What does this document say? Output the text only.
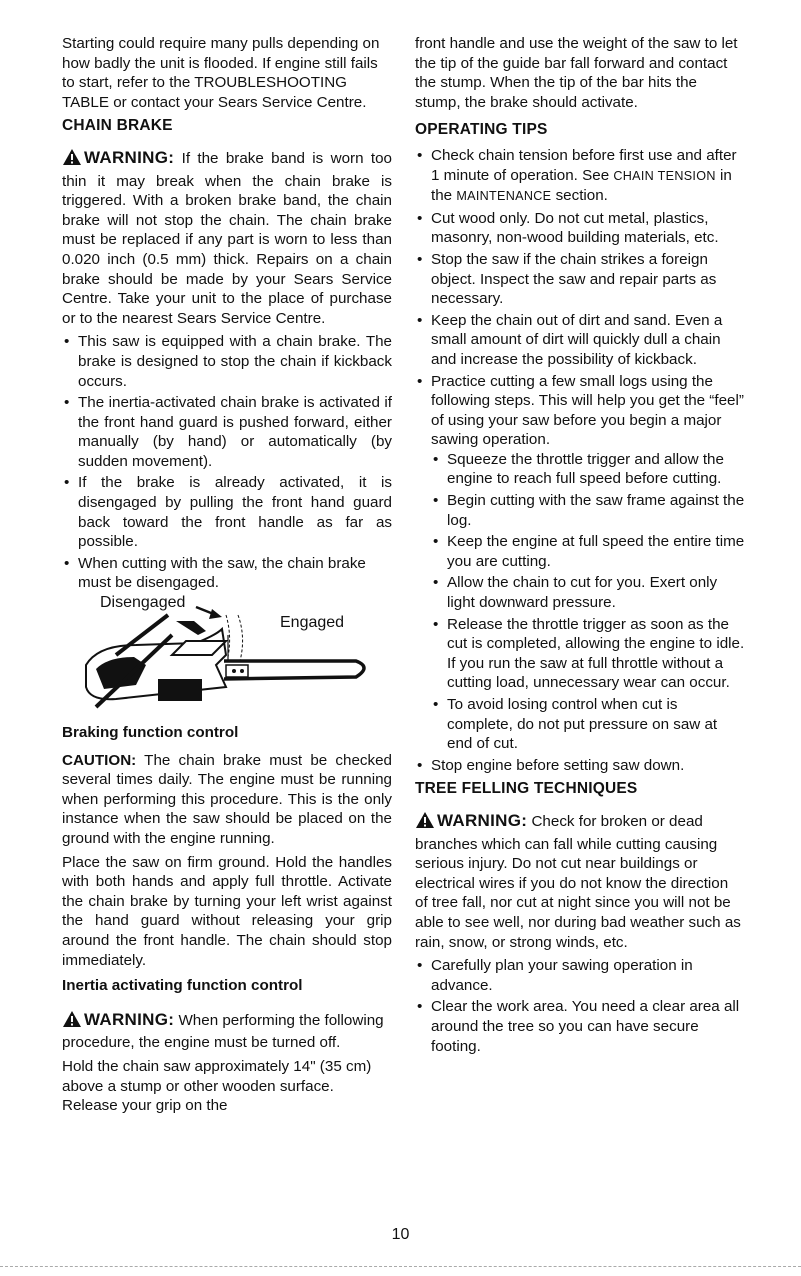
Starting could require many pulls depending on how badly the unit is flooded. If engine still fails to start, refer to the TROUBLESHOOTING TABLE or contact your Sears Service Centre.

CHAIN BRAKE

WARNING: If the brake band is worn too thin it may break when the chain brake is triggered. With a broken brake band, the chain brake will not stop the chain. The chain brake must be replaced if any part is worn to less than 0.020 inch (0.5 mm) thick. Repairs on a chain brake should be made by your Sears Service Centre. Take your unit to the place of purchase or to the nearest Sears Service Centre.

• This saw is equipped with a chain brake. The brake is designed to stop the chain if kickback occurs.
• The inertia-activated chain brake is activated if the front hand guard is pushed forward, either manually (by hand) or automatically (by sudden movement).
• If the brake is already activated, it is disengaged by pulling the front hand guard back toward the front handle as far as possible.
• When cutting with the saw, the chain brake must be disengaged.
Disengaged
Engaged
Braking function control

CAUTION: The chain brake must be checked several times daily. The engine must be running when performing this procedure. This is the only instance when the saw should be placed on the ground with the engine running.

Place the saw on firm ground. Hold the handles with both hands and apply full throttle. Activate the chain brake by turning your left wrist against the hand guard without releasing your grip around the front handle. The chain should stop immediately.

Inertia activating function control

WARNING: When performing the following procedure, the engine must be turned off.

Hold the chain saw approximately 14" (35 cm) above a stump or other wooden surface. Release your grip on the

front handle and use the weight of the saw to let the tip of the guide bar fall forward and contact the stump. When the tip of the bar hits the stump, the brake should activate.

OPERATING TIPS
• Check chain tension before first use and after 1 minute of operation. See CHAIN TENSION in the MAINTENANCE section.
• Cut wood only. Do not cut metal, plastics, masonry, non-wood building materials, etc.
• Stop the saw if the chain strikes a foreign object. Inspect the saw and repair parts as necessary.
• Keep the chain out of dirt and sand. Even a small amount of dirt will quickly dull a chain and increase the possibility of kickback.
• Practice cutting a few small logs using the following steps. This will help you get the “feel” of using your saw before you begin a major sawing operation.
• Squeeze the throttle trigger and allow the engine to reach full speed before cutting.
• Begin cutting with the saw frame against the log.
• Keep the engine at full speed the entire time you are cutting.
• Allow the chain to cut for you. Exert only light downward pressure.
• Release the throttle trigger as soon as the cut is completed, allowing the engine to idle. If you run the saw at full throttle without a cutting load, unnecessary wear can occur.
• To avoid losing control when cut is complete, do not put pressure on saw at end of cut.
• Stop engine before setting saw down.
TREE FELLING TECHNIQUES

WARNING: Check for broken or dead branches which can fall while cutting causing serious injury. Do not cut near buildings or electrical wires if you do not know the direction of tree fall, nor cut at night since you will not be able to see well, nor during bad weather such as rain, snow, or strong winds, etc.

• Carefully plan your sawing operation in advance.
• Clear the work area. You need a clear area all around the tree so you can have secure footing.
10
